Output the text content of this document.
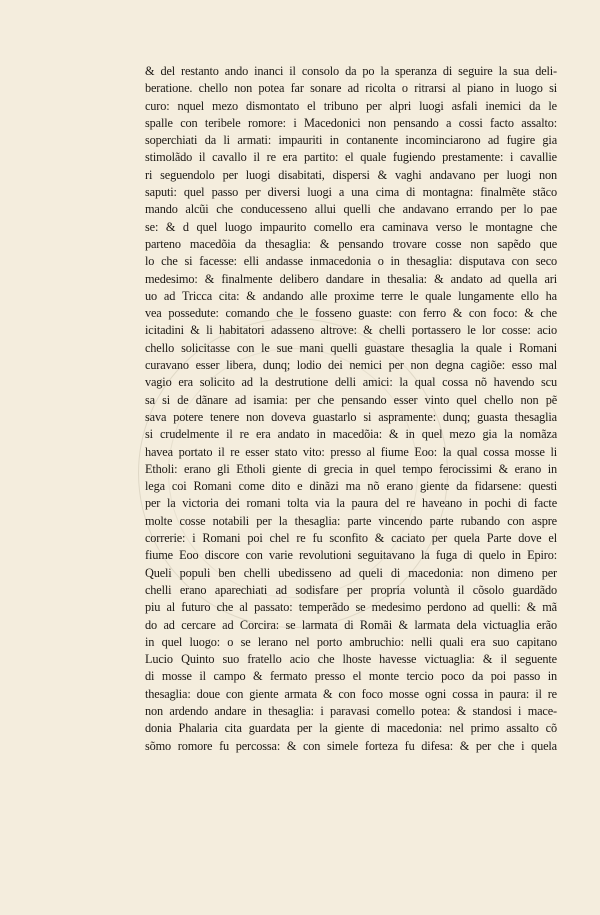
& del restanto ando inanci il consolo da po la speranza di seguire la sua deli-
beratione. chello non potea far sonare ad ricolta o ritrarsi al piano in luogo si
curo: nquel mezo dismontato el tribuno per alpri luogi asfali inemici da le
spalle con teribele romore: i Macedonici non pensando a cossi facto assalto:
soperchiati da li armati: impauriti in contanente incominciarono ad fugire gia
stimolãdo il cavallo il re era partito: el quale fugiendo prestamente: i cavallie
ri seguendolo per luogi disabitati, dispersi & vaghi andavano per luogi non
saputi: quel passo per diversi luogi a una cima di montagna: finalmẽte stãco
mando alcũi che conducesseno allui quelli che andavano errando per lo pae
se: & d quel luogo impaurito comello era caminava verso le montagne che
parteno macedõia da thesaglia: & pensando trovare cosse non sapẽdo que
lo che si facesse: elli andasse inmacedonia o in thesaglia: disputava con seco
medesimo: & finalmente delibero dandare in thesalia: & andato ad quella ari
uo ad Tricca cita: & andando alle proxime terre le quale lungamente ello ha
vea possedute: comando che le fosseno guaste: con ferro & con foco: & che
icitadini & li habitatori adasseno altrove: & chelli portassero le lor cosse: acio
chello solicitasse con le sue mani quelli guastare thesaglia la quale i Romani
curavano esser libera, dunq; lodio dei nemici per non degna cagiõe: esso mal
vagio era solicito ad la destrutione delli amici: la qual cossa nõ havendo scu
sa si de dãnare ad isamia: per che pensando esser vinto quel chello non pẽ
sava potere tenere non doveva guastarlo si aspramente: dunq; guasta thesaglia
si crudelmente il re era andato in macedõia: & in quel mezo gia la nomãza
havea portato il re esser stato vito: presso al fiume Eoo: la qual cossa mosse li
Etholi: erano gli Etholi giente di grecia in quel tempo ferocissimi & erano in
lega coi Romani come dito e dinãzi ma nõ erano giente da fidarsene: questi
per la victoria dei romani tolta via la paura del re haveano in pochi di facte
molte cosse notabili per la thesaglia: parte vincendo parte rubando con aspre
correrie: i Romani poi chel re fu sconfito & caciato per quela Parte dove el
fiume Eoo discore con varie revolutioni seguitavano la fuga di quelo in Epiro:
Queli populi ben chelli ubedisseno ad queli di macedonia: non dimeno per
chelli erano aparechiati ad sodisfare per propria voluntà il cõsolo guardãdo
piu al futuro che al passato: temperãdo se medesimo perdono ad quelli: & mã
do ad cercare ad Corcira: se larmata di Romãi & larmata dela victuaglia erão
in quel luogo: o se lerano nel porto ambruchio: nelli quali era suo capitano
Lucio Quinto suo fratello acio che lhoste havesse victuaglia: & il seguente
di mosse il campo & fermato presso el monte tercio poco da poi passo in
thesaglia: doue con giente armata & con foco mosse ogni cossa in paura: il re
non ardendo andare in thesaglia: i paravasi comello potea: & standosi i mace-
donia Phalaria cita guardata per la giente di macedonia: nel primo assalto cõ
sõmo romore fu percossa: & con simele forteza fu difesa: & per che i quela
